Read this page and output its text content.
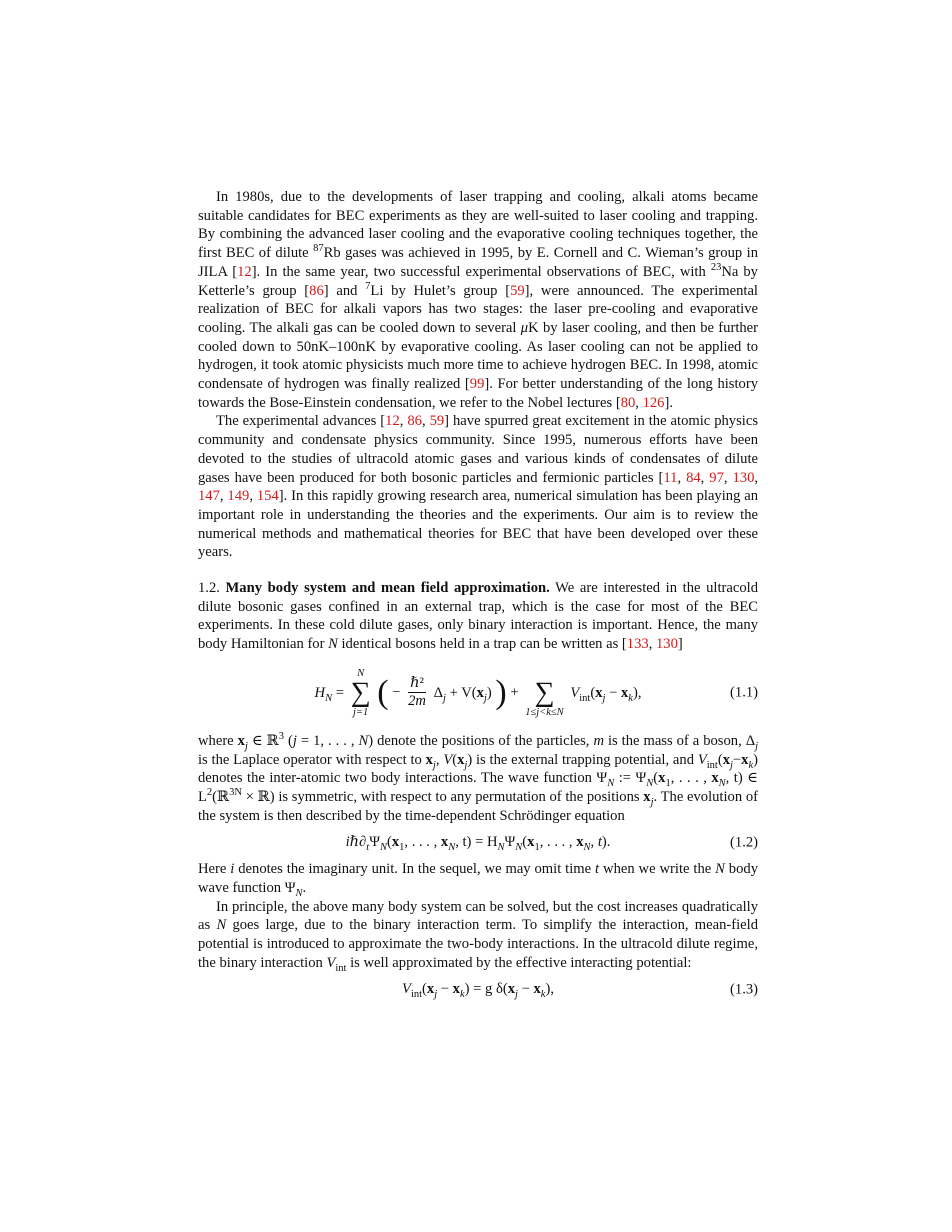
In 1980s, due to the developments of laser trapping and cooling, alkali atoms became suitable candidates for BEC experiments as they are well-suited to laser cooling and trapping. By combining the advanced laser cooling and the evaporative cooling techniques together, the first BEC of dilute $^{87}$Rb gases was achieved in 1995, by E. Cornell and C. Wieman’s group in JILA [12]. In the same year, two successful experimental observations of BEC, with $^{23}$Na by Ketterle’s group [86] and $^7$Li by Hulet’s group [59], were announced. The experimental realization of BEC for alkali vapors has two stages: the laser pre-cooling and evaporative cooling. The alkali gas can be cooled down to several μK by laser cooling, and then be further cooled down to 50nK–100nK by evaporative cooling. As laser cooling can not be applied to hydrogen, it took atomic physicists much more time to achieve hydrogen BEC. In 1998, atomic condensate of hydrogen was finally realized [99]. For better understanding of the long history towards the Bose-Einstein condensation, we refer to the Nobel lectures [80, 126].

The experimental advances [12, 86, 59] have spurred great excitement in the atomic physics community and condensate physics community. Since 1995, numerous efforts have been devoted to the studies of ultracold atomic gases and various kinds of condensates of dilute gases have been produced for both bosonic particles and fermionic particles [11, 84, 97, 130, 147, 149, 154]. In this rapidly growing research area, numerical simulation has been playing an important role in understanding the theories and the experiments. Our aim is to review the numerical methods and mathematical theories for BEC that have been developed over these years.

1.2. Many body system and mean field approximation. We are interested in the ultracold dilute bosonic gases confined in an external trap, which is the case for most of the BEC experiments. In these cold dilute gases, only binary interaction is important. Hence, the many body Hamiltonian for N identical bosons held in a trap can be written as [133, 130]

$H_N$ =
N
∑
j=1
( − $\frac{\text{ℏ²}}{2m} \Delta_j + V(x_j)$ ) +
∑
1≤j<k≤N
$V_{int}(x_j - x_k)$,	(1.1)

where $x_j$ ∈ ℝ$^3$ (j = 1, . . . , N) denote the positions of the particles, m is the mass of a boson, $\Delta_j$ is the Laplace operator with respect to $x_j$, $V(x_j)$ is the external trapping potential, and $V_{int}(x_j-x_k)$ denotes the inter-atomic two body interactions. The wave function $\Psi_N$ := $\Psi_N(x_1$, . . . , $x_N$, t) ∈ $L^2(ℝ^{3N}$ × ℝ) is symmetric, with respect to any permutation of the positions $x_j$. The evolution of the system is then described by the time-dependent Schrödinger equation

$i\hbar\partial_t\Psi_N(x_1$, . . . , $x_N$, $t) = H_N\Psi_N(x_1$, . . . , $x_N$, t).	(1.2)

Here i denotes the imaginary unit. In the sequel, we may omit time t when we write the N body wave function $\Psi_N$.

In principle, the above many body system can be solved, but the cost increases quadratically as N goes large, due to the binary interaction term. To simplify the interaction, mean-field potential is introduced to approximate the two-body interactions. In the ultracold dilute regime, the binary interaction $V_{int}$ is well approximated by the effective interacting potential:

$V_{int}(x_j - x_k) = g$ $\delta(x_j - x_k)$,	(1.3)
